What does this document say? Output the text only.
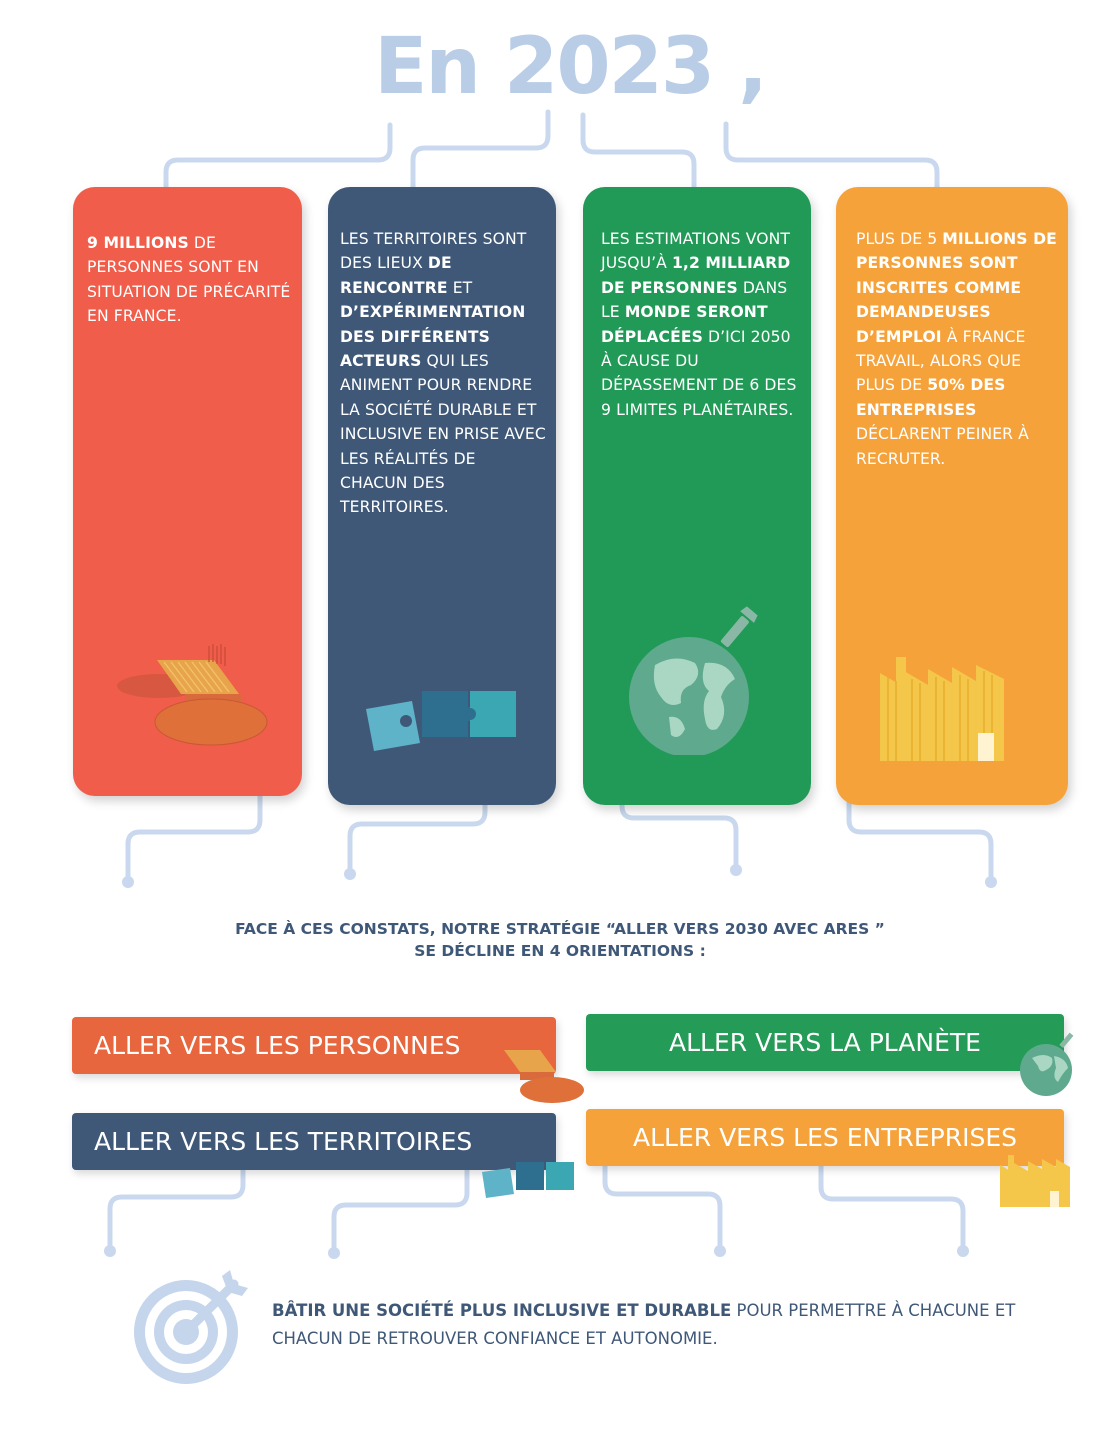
En 2023 ,
9 MILLIONS DE PERSONNES SONT EN SITUATION DE PRÉCARITÉ EN FRANCE.
LES TERRITOIRES SONT DES LIEUX DE RENCONTRE ET D’EXPÉRIMENTATION DES DIFFÉRENTS ACTEURS QUI LES ANIMENT POUR RENDRE LA SOCIÉTÉ DURABLE ET INCLUSIVE EN PRISE AVEC LES RÉALITÉS DE CHACUN DES TERRITOIRES.
LES ESTIMATIONS VONT JUSQU’À 1,2 MILLIARD DE PERSONNES DANS LE MONDE SERONT DÉPLACÉES D’ICI 2050 À CAUSE DU DÉPASSEMENT DE 6 DES 9 LIMITES PLANÉTAIRES.
PLUS DE 5 MILLIONS DE PERSONNES SONT INSCRITES COMME DEMANDEUSES D’EMPLOI À FRANCE TRAVAIL, ALORS QUE PLUS DE 50% DES ENTREPRISES DÉCLARENT PEINER À RECRUTER.
FACE À CES CONSTATS, NOTRE STRATÉGIE “ALLER VERS 2030 AVEC ARES ”
SE DÉCLINE EN 4 ORIENTATIONS :
ALLER VERS LES PERSONNES	ALLER VERS LA PLANÈTE
ALLER VERS LES TERRITOIRES	ALLER VERS LES ENTREPRISES
BÂTIR UNE SOCIÉTÉ PLUS INCLUSIVE ET DURABLE POUR PERMETTRE À CHACUNE ET CHACUN DE RETROUVER CONFIANCE ET AUTONOMIE.
